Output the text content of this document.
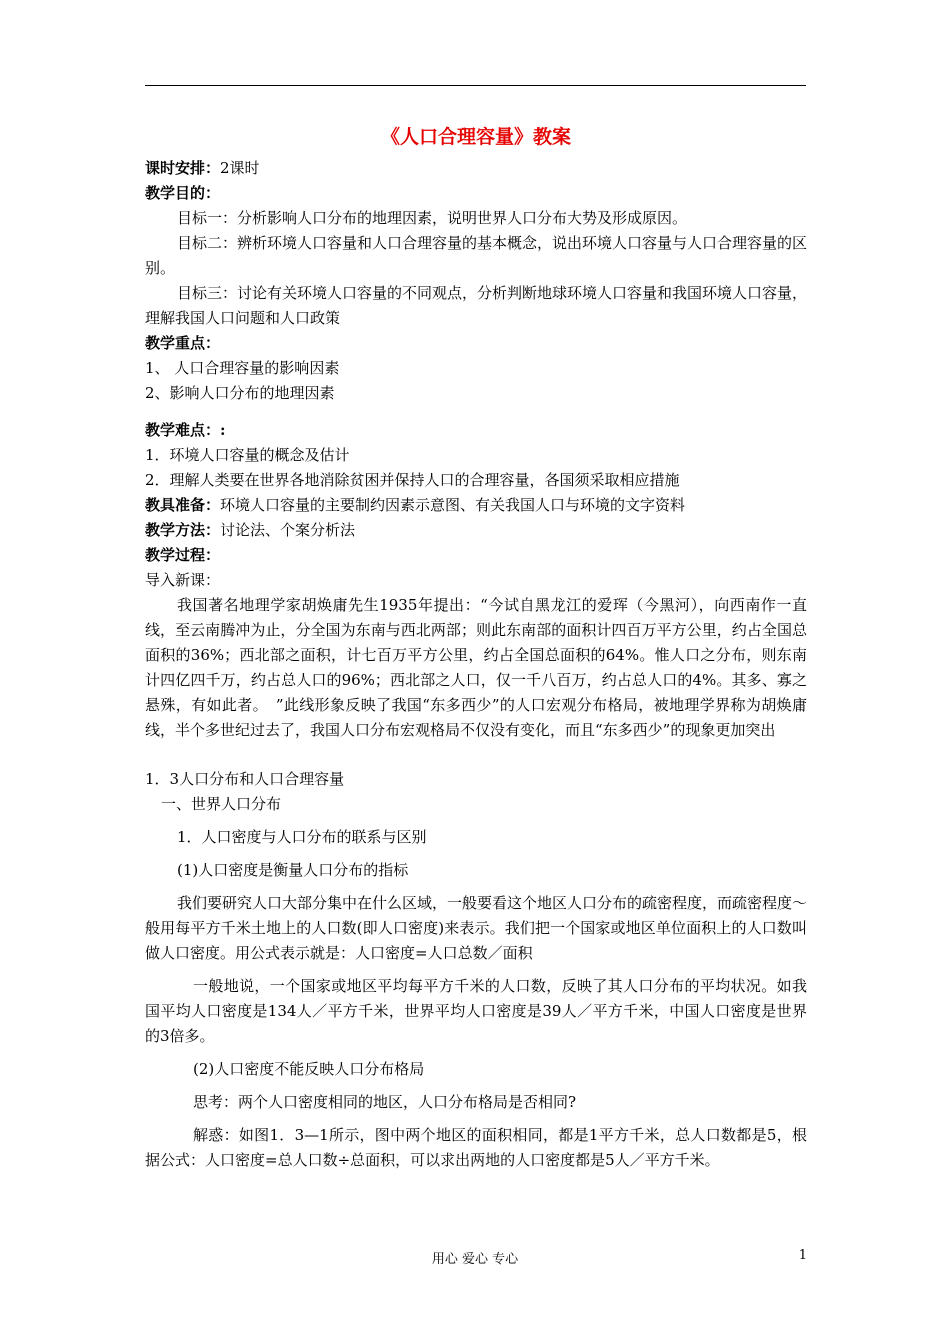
《人口合理容量》教案

课时安排：2课时

教学目的：

目标一：分析影响人口分布的地理因素，说明世界人口分布大势及形成原因。

目标二：辨析环境人口容量和人口合理容量的基本概念，说出环境人口容量与人口合理容量的区别。

目标三：讨论有关环境人口容量的不同观点，分析判断地球环境人口容量和我国环境人口容量，理解我国人口问题和人口政策

教学重点：

1、 人口合理容量的影响因素

2、影响人口分布的地理因素

教学难点：:

1．环境人口容量的概念及估计

2．理解人类要在世界各地消除贫困并保持人口的合理容量，各国须采取相应措施

教具准备：环境人口容量的主要制约因素示意图、有关我国人口与环境的文字资料

教学方法：讨论法、个案分析法

教学过程：

导入新课：

我国著名地理学家胡焕庸先生1935年提出：“今试自黑龙江的爱珲（今黑河），向西南作一直线，至云南腾冲为止，分全国为东南与西北两部；则此东南部的面积计四百万平方公里，约占全国总面积的36%；西北部之面积，计七百万平方公里，约占全国总面积的64%。惟人口之分布，则东南计四亿四千万，约占总人口的96%；西北部之人口，仅一千八百万，约占总人口的4%。其多、寡之悬殊，有如此者。　”此线形象反映了我国“东多西少”的人口宏观分布格局，被地理学界称为胡焕庸线，半个多世纪过去了，我国人口分布宏观格局不仅没有变化，而且“东多西少”的现象更加突出

1．3人口分布和人口合理容量

一、世界人口分布

1．人口密度与人口分布的联系与区别

(1)人口密度是衡量人口分布的指标

我们要研究人口大部分集中在什么区域，一般要看这个地区人口分布的疏密程度，而疏密程度～般用每平方千米土地上的人口数(即人口密度)来表示。我们把一个国家或地区单位面积上的人口数叫做人口密度。用公式表示就是：人口密度=人口总数／面积

一般地说，一个国家或地区平均每平方千米的人口数，反映了其人口分布的平均状况。如我国平均人口密度是134人／平方千米，世界平均人口密度是39人／平方千米，中国人口密度是世界的3倍多。

(2)人口密度不能反映人口分布格局

思考：两个人口密度相同的地区，人口分布格局是否相同?

解惑：如图1．3—1所示，图中两个地区的面积相同，都是1平方千米，总人口数都是5，根据公式：人口密度=总人口数÷总面积，可以求出两地的人口密度都是5人／平方千米。

用心 爱心 专心	1
